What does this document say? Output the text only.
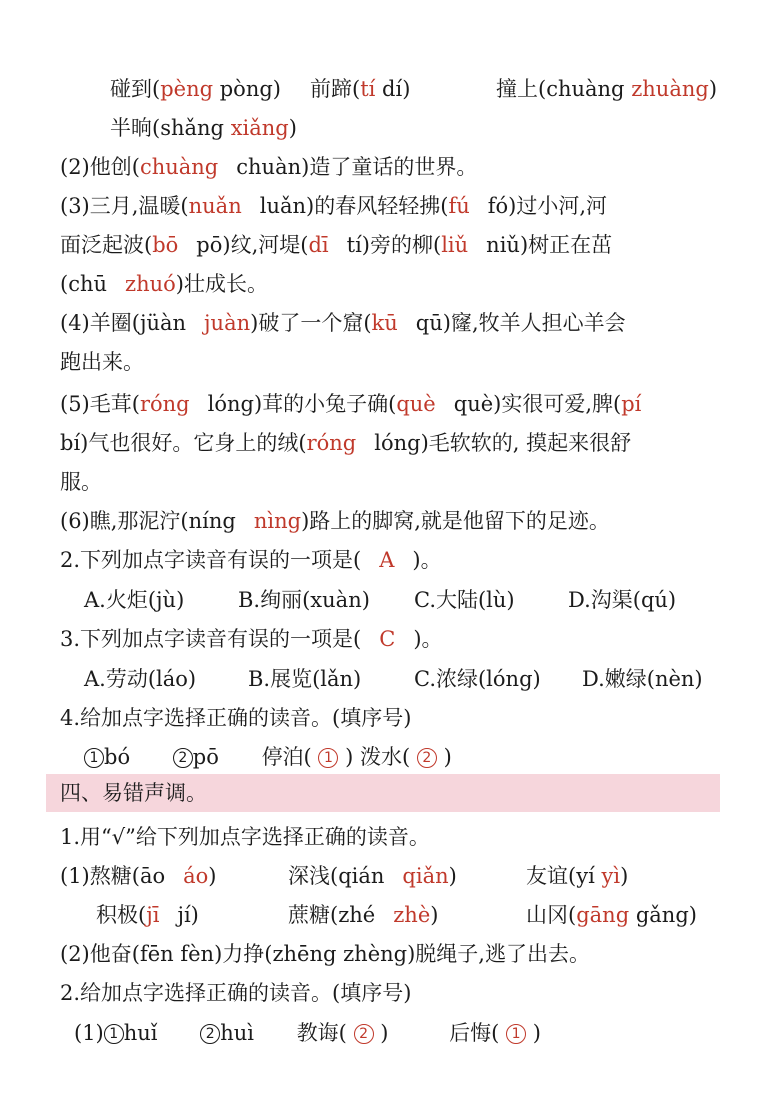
碰到(pèng pòng) 前蹄(tí dí)	撞上(chuàng zhuàng)
半晌(shǎng xiǎng)
(2)他创(chuàng chuàn)造了童话的世界。
(3)三月,温暖(nuǎn luǎn)的春风轻轻拂(fú fó)过小河,河
面泛起波(bō pō)纹,河堤(dī tí)旁的柳(liǔ niǔ)树正在茁
(chū zhuó)壮成长。
(4)羊圈(jüàn juàn)破了一个窟(kū qū)窿,牧羊人担心羊会
跑出来。
(5)毛茸(róng lóng)茸的小兔子确(què què)实很可爱,脾(pí
bí)气也很好。它身上的绒(róng lóng)毛软软的, 摸起来很舒
服。
(6)瞧,那泥泞(níng nìng)路上的脚窝,就是他留下的足迹。
2.下列加点字读音有误的一项是( A )。
A.火炬(jù)	B.绚丽(xuàn) C.大陆(lù)	D.沟渠(qú)
3.下列加点字读音有误的一项是( C )。
A.劳动(láo) B.展览(lǎn)	C.浓绿(lóng) D.嫩绿(nèn)
4.给加点字选择正确的读音。(填序号)
1 bó	2 pō 停泊( 1 ) 泼水( 2 )
四、易错声调。
1.用“√”给下列加点字选择正确的读音。
(1)熬糖(āo áo)	深浅(qián qiǎn)	友谊(yí yì)
积极(jī jí)	蔗糖(zhé zhè)	山冈(gāng gǎng)
(2)他奋(fēn fèn)力挣(zhēng zhèng)脱绳子,逃了出去。
2.给加点字选择正确的读音。(填序号)
(1) 1 huǐ	2 huì 教诲( 2 )	后悔( 1 )
